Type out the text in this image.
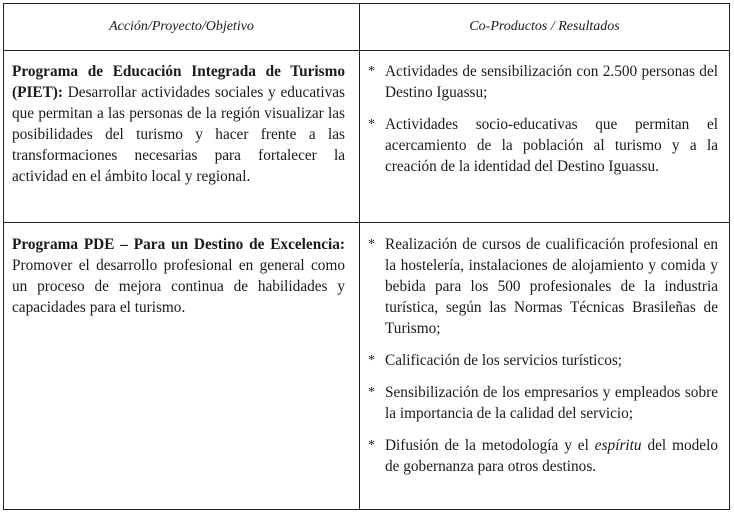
Acción/Proyecto/Objetivo	Co-Productos / Resultados
Programa de Educación Integrada de Turismo (PIET): Desarrollar actividades sociales y educativas que permitan a las personas de la región visualizar las posibilidades del turismo y hacer frente a las transformaciones necesarias para fortalecer la actividad en el ámbito local y regional.
* Actividades de sensibilización con 2.500 personas del Destino Iguassu;
* Actividades socio-educativas que permitan el acercamiento de la población al turismo y a la creación de la identidad del Destino Iguassu.
Programa PDE – Para un Destino de Excelencia: Promover el desarrollo profesional en general como un proceso de mejora continua de habilidades y capacidades para el turismo.
* Realización de cursos de cualificación profesional en la hostelería, instalaciones de alojamiento y comida y bebida para los 500 profesionales de la industria turística, según las Normas Técnicas Brasileñas de Turismo;
* Calificación de los servicios turísticos;
* Sensibilización de los empresarios y empleados sobre la importancia de la calidad del servicio;
* Difusión de la metodología y el espíritu del modelo de gobernanza para otros destinos.
